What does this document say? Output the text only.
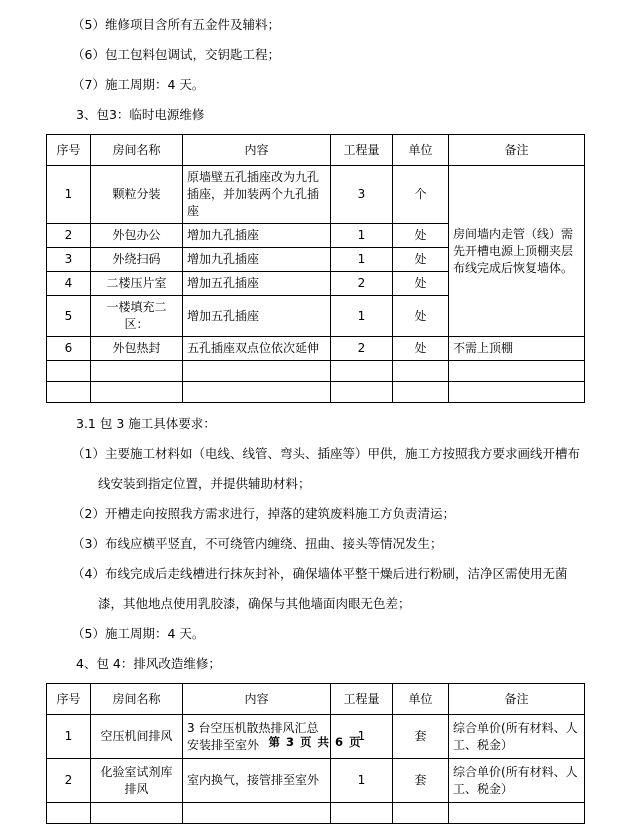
（5）维修项目含所有五金件及辅料；

（6）包工包料包调试，交钥匙工程；

（7）施工周期：4 天。

3、包3：临时电源维修

序号	房间名称	内容	工程量	单位	备注
1	颗粒分装	原墙壁五孔插座改为九孔插座，并加装两个九孔插座	3	个	房间墙内走管（线）需先开槽电源上顶棚夹层布线完成后恢复墙体。
2	外包办公	增加九孔插座	1	处	
3	外绕扫码	增加九孔插座	1	处	
4	二楼压片室	增加五孔插座	2	处	
5	一楼填充二区：	增加五孔插座	1	处	
6	外包热封	五孔插座双点位依次延伸	2	处	不需上顶棚

3.1 包 3 施工具体要求：

（1）主要施工材料如（电线、线管、弯头、插座等）甲供，施工方按照我方要求画线开槽布线安装到指定位置，并提供辅助材料；

（2）开槽走向按照我方需求进行，掉落的建筑废料施工方负责清运；

（3）布线应横平竖直，不可绕管内缠绕、扭曲、接头等情况发生；

（4）布线完成后走线槽进行抹灰封补，确保墙体平整干燥后进行粉刷，洁净区需使用无菌漆，其他地点使用乳胶漆，确保与其他墙面肉眼无色差；

（5）施工周期：4 天。

4、包 4：排风改造维修；

序号	房间名称	内容	工程量	单位	备注
1	空压机间排风	3 台空压机散热排风汇总安装排至室外	1	套	综合单价(所有材料、人工、税金）
2	化验室试剂库排风	室内换气，接管排至室外	1	套	综合单价(所有材料、人工、税金）

第 3 页 共 6 页
